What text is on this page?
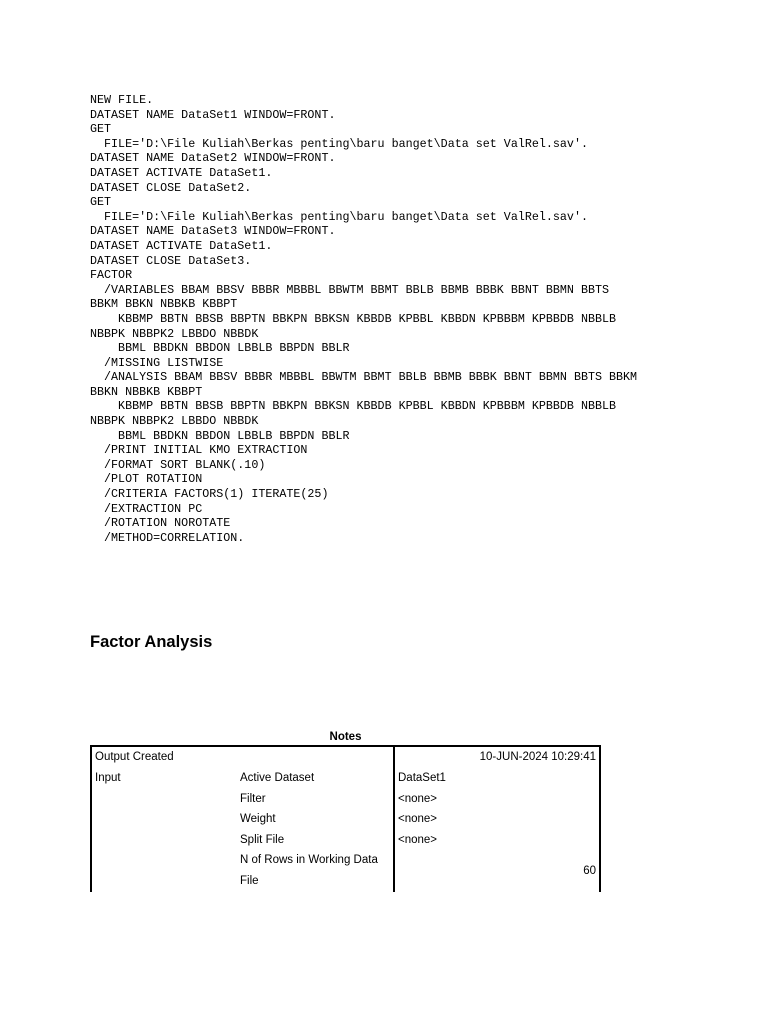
NEW FILE.
DATASET NAME DataSet1 WINDOW=FRONT.
GET
FILE='D:\File Kuliah\Berkas penting\baru banget\Data set ValRel.sav'.
DATASET NAME DataSet2 WINDOW=FRONT.
DATASET ACTIVATE DataSet1.
DATASET CLOSE DataSet2.
GET
FILE='D:\File Kuliah\Berkas penting\baru banget\Data set ValRel.sav'.
DATASET NAME DataSet3 WINDOW=FRONT.
DATASET ACTIVATE DataSet1.
DATASET CLOSE DataSet3.
FACTOR
/VARIABLES BBAM BBSV BBBR MBBBL BBWTM BBMT BBLB BBMB BBBK BBNT BBMN BBTS
BBKM BBKN NBBKB KBBPT
KBBMP BBTN BBSB BBPTN BBKPN BBKSN KBBDB KPBBL KBBDN KPBBBM KPBBDB NBBLB
NBBPK NBBPK2 LBBDO NBBDK
BBML BBDKN BBDON LBBLB BBPDN BBLR
/MISSING LISTWISE
/ANALYSIS BBAM BBSV BBBR MBBBL BBWTM BBMT BBLB BBMB BBBK BBNT BBMN BBTS BBKM
BBKN NBBKB KBBPT
KBBMP BBTN BBSB BBPTN BBKPN BBKSN KBBDB KPBBL KBBDN KPBBBM KPBBDB NBBLB
NBBPK NBBPK2 LBBDO NBBDK
BBML BBDKN BBDON LBBLB BBPDN BBLR
/PRINT INITIAL KMO EXTRACTION
/FORMAT SORT BLANK(.10)
/PLOT ROTATION
/CRITERIA FACTORS(1) ITERATE(25)
/EXTRACTION PC
/ROTATION NOROTATE
/METHOD=CORRELATION.
Factor Analysis
Notes
Output Created		10-JUN-2024 10:29:41
Input	Active Dataset	DataSet1
	Filter	<none>
	Weight	<none>
	Split File	<none>
	N of Rows in Working Data File	60
